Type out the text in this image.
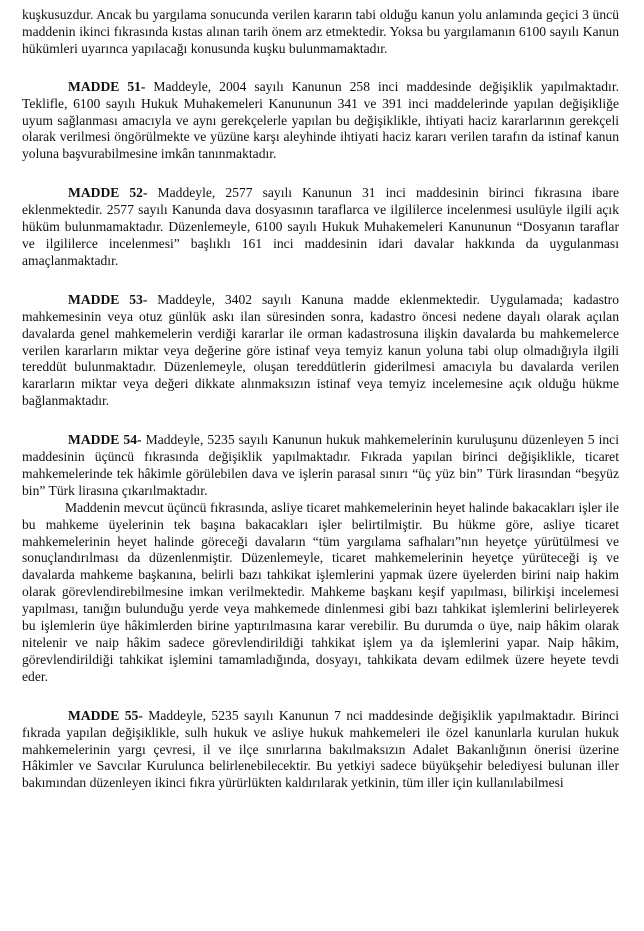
kuşkusuzdur. Ancak bu yargılama sonucunda verilen kararın tabi olduğu kanun yolu anlamında geçici 3 üncü maddenin ikinci fıkrasında kıstas alınan tarih önem arz etmektedir. Yoksa bu yargılamanın 6100 sayılı Kanun hükümleri uyarınca yapılacağı konusunda kuşku bulunmamaktadır.

MADDE 51- Maddeyle, 2004 sayılı Kanunun 258 inci maddesinde değişiklik yapılmaktadır. Teklifle, 6100 sayılı Hukuk Muhakemeleri Kanununun 341 ve 391 inci maddelerinde yapılan değişikliğe uyum sağlanması amacıyla ve aynı gerekçelerle yapılan bu değişiklikle, ihtiyati haciz kararlarının gerekçeli olarak verilmesi öngörülmekte ve yüzüne karşı aleyhinde ihtiyati haciz kararı verilen tarafın da istinaf kanun yoluna başvurabilmesine imkân tanınmaktadır.

MADDE 52- Maddeyle, 2577 sayılı Kanunun 31 inci maddesinin birinci fıkrasına ibare eklenmektedir. 2577 sayılı Kanunda dava dosyasının taraflarca ve ilgililerce incelenmesi usulüyle ilgili açık hüküm bulunmamaktadır. Düzenlemeyle, 6100 sayılı Hukuk Muhakemeleri Kanununun “Dosyanın taraflar ve ilgililerce incelenmesi” başlıklı 161 inci maddesinin idari davalar hakkında da uygulanması amaçlanmaktadır.

MADDE 53- Maddeyle, 3402 sayılı Kanuna madde eklenmektedir. Uygulamada; kadastro mahkemesinin veya otuz günlük askı ilan süresinden sonra, kadastro öncesi nedene dayalı olarak açılan davalarda genel mahkemelerin verdiği kararlar ile orman kadastrosuna ilişkin davalarda bu mahkemelerce verilen kararların miktar veya değerine göre istinaf veya temyiz kanun yoluna tabi olup olmadığıyla ilgili tereddüt bulunmaktadır. Düzenlemeyle, oluşan tereddütlerin giderilmesi amacıyla bu davalarda verilen kararların miktar veya değeri dikkate alınmaksızın istinaf veya temyiz incelemesine açık olduğu hükme bağlanmaktadır.

MADDE 54- Maddeyle, 5235 sayılı Kanunun hukuk mahkemelerinin kuruluşunu düzenleyen 5 inci maddesinin üçüncü fıkrasında değişiklik yapılmaktadır. Fıkrada yapılan birinci değişiklikle, ticaret mahkemelerinde tek hâkimle görülebilen dava ve işlerin parasal sınırı “üç yüz bin” Türk lirasından “beşyüz bin” Türk lirasına çıkarılmaktadır.

Maddenin mevcut üçüncü fıkrasında, asliye ticaret mahkemelerinin heyet halinde bakacakları işler ile bu mahkeme üyelerinin tek başına bakacakları işler belirtilmiştir. Bu hükme göre, asliye ticaret mahkemelerinin heyet halinde göreceği davaların “tüm yargılama safhaları”nın heyetçe yürütülmesi ve sonuçlandırılması da düzenlenmiştir. Düzenlemeyle, ticaret mahkemelerinin heyetçe yürüteceği iş ve davalarda mahkeme başkanına, belirli bazı tahkikat işlemlerini yapmak üzere üyelerden birini naip hakim olarak görevlendirebilmesine imkan verilmektedir. Mahkeme başkanı keşif yapılması, bilirkişi incelemesi yapılması, tanığın bulunduğu yerde veya mahkemede dinlenmesi gibi bazı tahkikat işlemlerini belirleyerek bu işlemlerin üye hâkimlerden birine yaptırılmasına karar verebilir. Bu durumda o üye, naip hâkim olarak nitelenir ve naip hâkim sadece görevlendirildiği tahkikat işlem ya da işlemlerini yapar. Naip hâkim, görevlendirildiği tahkikat işlemini tamamladığında, dosyayı, tahkikata devam edilmek üzere heyete tevdi eder.

MADDE 55- Maddeyle, 5235 sayılı Kanunun 7 nci maddesinde değişiklik yapılmaktadır. Birinci fıkrada yapılan değişiklikle, sulh hukuk ve asliye hukuk mahkemeleri ile özel kanunlarla kurulan hukuk mahkemelerinin yargı çevresi, il ve ilçe sınırlarına bakılmaksızın Adalet Bakanlığının önerisi üzerine Hâkimler ve Savcılar Kurulunca belirlenebilecektir. Bu yetkiyi sadece büyükşehir belediyesi bulunan iller bakımından düzenleyen ikinci fıkra yürürlükten kaldırılarak yetkinin, tüm iller için kullanılabilmesi
